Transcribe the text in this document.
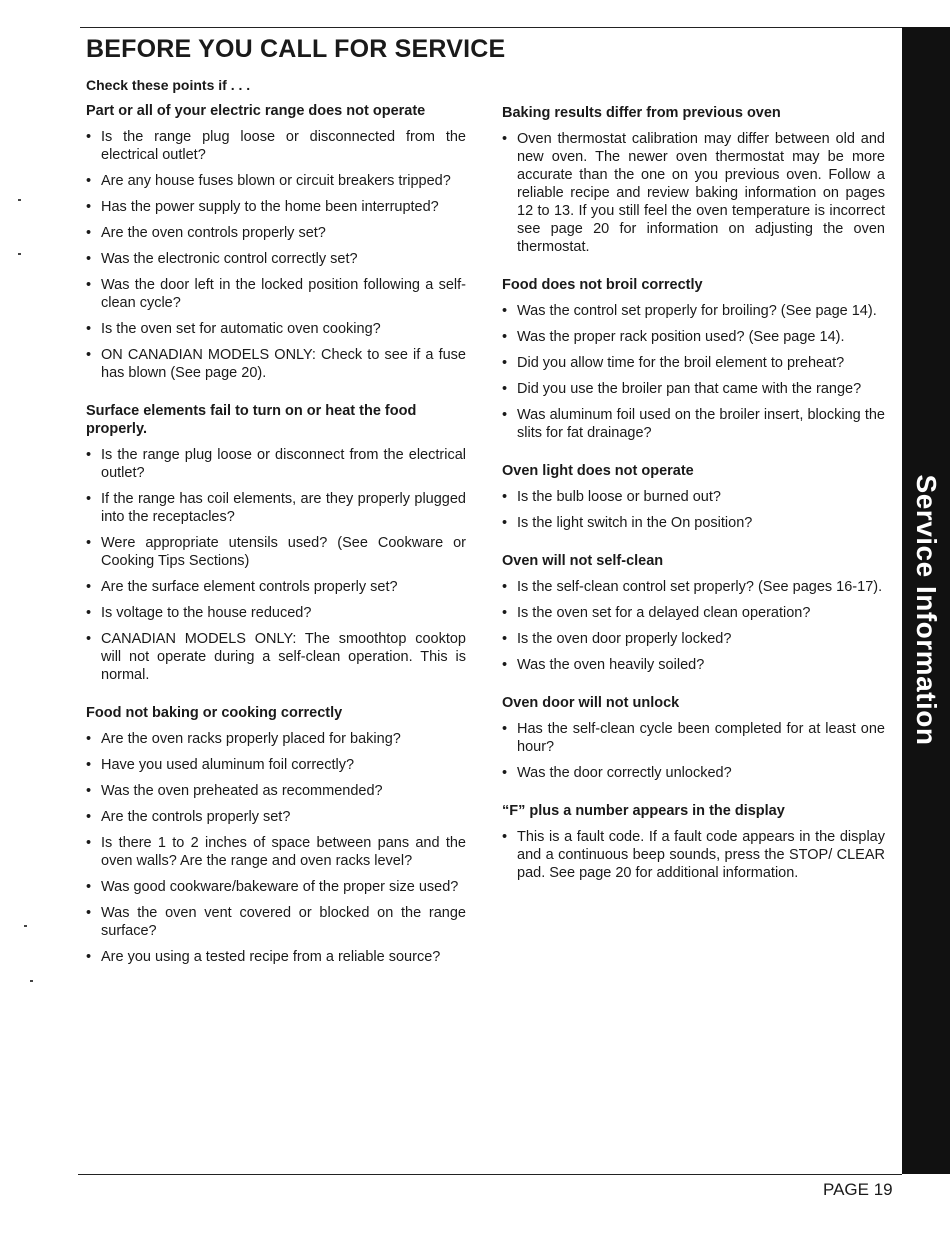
Service Information
BEFORE YOU CALL FOR SERVICE

Check these points if . . .

Part or all of your electric range does not operate
• Is the range plug loose or disconnected from the electrical outlet?
• Are any house fuses blown or circuit breakers tripped?
• Has the power supply to the home been interrupted?
• Are the oven controls properly set?
• Was the electronic control correctly set?
• Was the door left in the locked position following a self-clean cycle?
• Is the oven set for automatic oven cooking?
• ON CANADIAN MODELS ONLY: Check to see if a fuse has blown (See page 20).
Surface elements fail to turn on or heat the food properly.
• Is the range plug loose or disconnect from the electrical outlet?
• If the range has coil elements, are they properly plugged into the receptacles?
• Were appropriate utensils used? (See Cookware or Cooking Tips Sections)
• Are the surface element controls properly set?
• Is voltage to the house reduced?
• CANADIAN MODELS ONLY: The smoothtop cooktop will not operate during a self-clean operation. This is normal.
Food not baking or cooking correctly
• Are the oven racks properly placed for baking?
• Have you used aluminum foil correctly?
• Was the oven preheated as recommended?
• Are the controls properly set?
• Is there 1 to 2 inches of space between pans and the oven walls? Are the range and oven racks level?
• Was good cookware/bakeware of the proper size used?
• Was the oven vent covered or blocked on the range surface?
• Are you using a tested recipe from a reliable source?
Baking results differ from previous oven
• Oven thermostat calibration may differ between old and new oven. The newer oven thermostat may be more accurate than the one on you previous oven. Follow a reliable recipe and review baking information on pages 12 to 13. If you still feel the oven temperature is incorrect see page 20 for information on adjusting the oven thermostat.
Food does not broil correctly
• Was the control set properly for broiling? (See page 14).
• Was the proper rack position used? (See page 14).
• Did you allow time for the broil element to preheat?
• Did you use the broiler pan that came with the range?
• Was aluminum foil used on the broiler insert, blocking the slits for fat drainage?
Oven light does not operate
• Is the bulb loose or burned out?
• Is the light switch in the On position?
Oven will not self-clean
• Is the self-clean control set properly? (See pages 16-17).
• Is the oven set for a delayed clean operation?
• Is the oven door properly locked?
• Was the oven heavily soiled?
Oven door will not unlock
• Has the self-clean cycle been completed for at least one hour?
• Was the door correctly unlocked?
“F” plus a number appears in the display
• This is a fault code. If a fault code appears in the display and a continuous beep sounds, press the STOP/ CLEAR pad. See page 20 for additional information.
PAGE 19
